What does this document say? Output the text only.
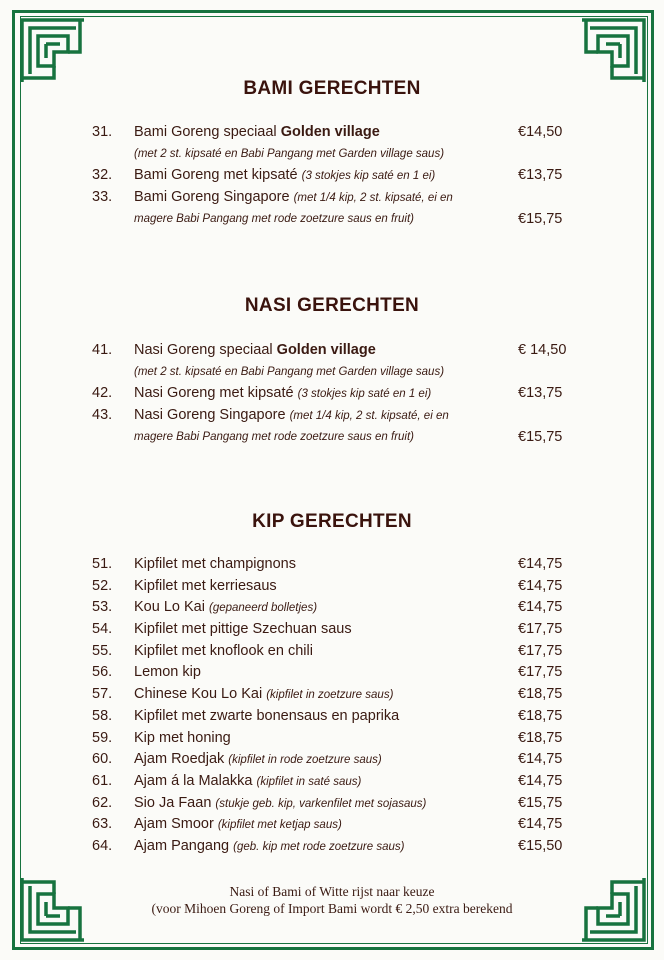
BAMI GERECHTEN
31. Bami Goreng speciaal Golden village	€14,50
(met 2 st. kipsaté en Babi Pangang met Garden village saus)
32. Bami Goreng met kipsaté (3 stokjes kip saté en 1 ei)	€13,75
33. Bami Goreng Singapore (met 1/4 kip, 2 st. kipsaté, ei en
magere Babi Pangang met rode zoetzure saus en fruit)	€15,75
NASI GERECHTEN
41. Nasi Goreng speciaal Golden village	€ 14,50
(met 2 st. kipsaté en Babi Pangang met Garden village saus)
42. Nasi Goreng met kipsaté (3 stokjes kip saté en 1 ei)	€13,75
43. Nasi Goreng Singapore (met 1/4 kip, 2 st. kipsaté, ei en
magere Babi Pangang met rode zoetzure saus en fruit)	€15,75
KIP GERECHTEN
51. Kipfilet met champignons	€14,75
52. Kipfilet met kerriesaus	€14,75
53. Kou Lo Kai (gepaneerd bolletjes)	€14,75
54. Kipfilet met pittige Szechuan saus	€17,75
55. Kipfilet met knoflook en chili	€17,75
56. Lemon kip	€17,75
57. Chinese Kou Lo Kai (kipfilet in zoetzure saus)	€18,75
58. Kipfilet met zwarte bonensaus en paprika	€18,75
59. Kip met honing	€18,75
60. Ajam Roedjak (kipfilet in rode zoetzure saus)	€14,75
61. Ajam á la Malakka (kipfilet in saté saus)	€14,75
62. Sio Ja Faan (stukje geb. kip, varkenfilet met sojasaus)	€15,75
63. Ajam Smoor (kipfilet met ketjap saus)	€14,75
64. Ajam Pangang (geb. kip met rode zoetzure saus)	€15,50
Nasi of Bami of Witte rijst naar keuze
(voor Mihoen Goreng of Import Bami wordt € 2,50 extra berekend
